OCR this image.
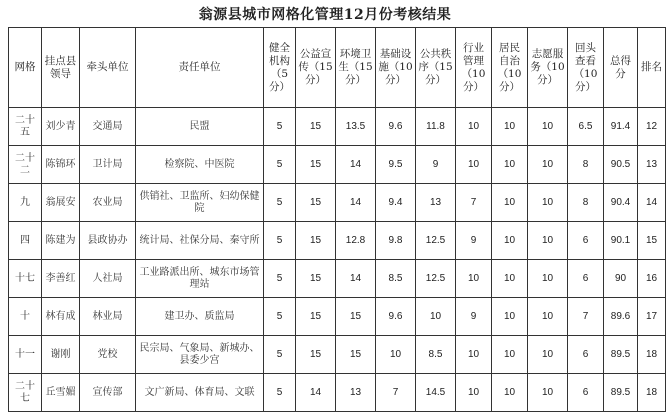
翁源县城市网格化管理12月份考核结果
网格	挂点县领导	牵头单位	责任单位	健全机构（5分）	公益宣传（15分）	环境卫生（15分）	基础设施（10分）	公共秩序（15分）	行业管理（10分）	居民自治（10分）	志愿服务（10分）	回头查看（10分）	总得分	排名
二十五	刘少青	交通局	民盟	5	15	13.5	9.6	11.8	10	10	10	6.5	91.4	12
二十二	陈锦环	卫计局	检察院、中医院	5	15	14	9.5	9	10	10	10	8	90.5	13
九	翁展安	农业局	供销社、卫监所、妇幼保健院	5	15	14	9.4	13	7	10	10	8	90.4	14
四	陈建为	县政协办	统计局、社保分局、秦守所	5	15	12.8	9.8	12.5	9	10	10	6	90.1	15
十七	李善红	人社局	工业路派出所、城东市场管理站	5	15	14	8.5	12.5	10	10	10	6	90	16
十	林有成	林业局	建卫办、质监局	5	15	15	9.6	10	9	10	10	7	89.6	17
十一	谢刚	党校	民宗局、气象局、新城办、县委少宫	5	15	15	10	8.5	10	10	10	6	89.5	18
二十七	丘雪媚	宣传部	文广新局、体育局、文联	5	14	13	7	14.5	10	10	10	6	89.5	18
